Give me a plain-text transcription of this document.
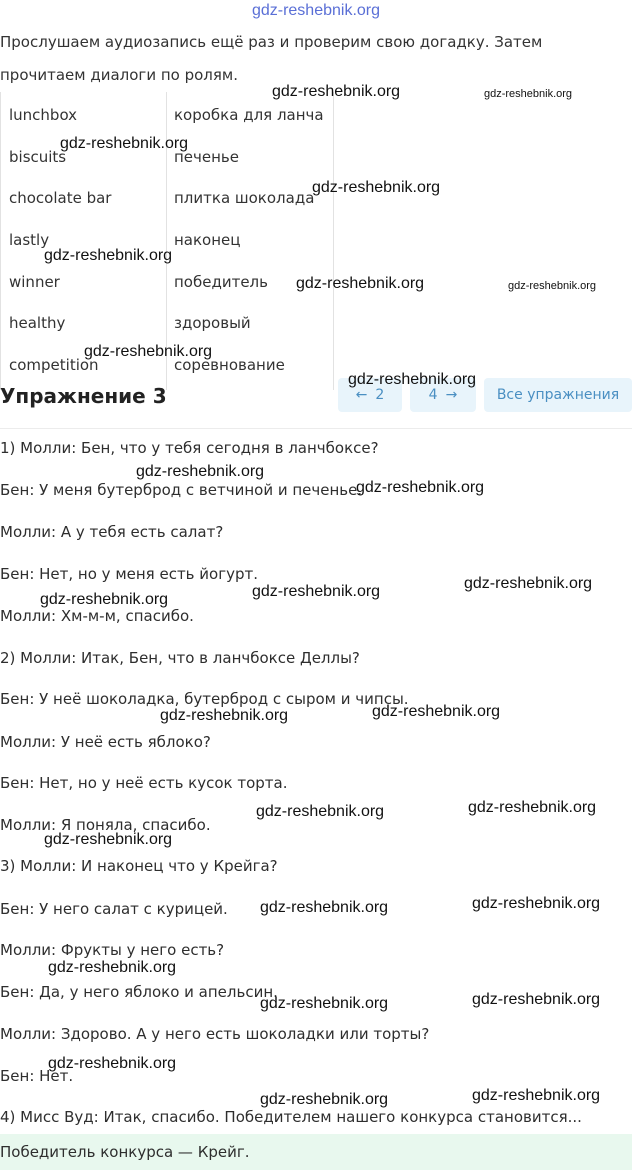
gdz-reshebnik.org
Прослушаем аудиозапись ещё раз и проверим свою догадку. Затем
прочитаем диалоги по ролям.
lunchbox	коробка для ланча
biscuits	печенье
chocolate bar	плитка шоколада
lastly	наконец
winner	победитель
healthy	здоровый
competition	соревнование
Упражнение 3	← 2	4 →	Все упражнения
1) Молли: Бен, что у тебя сегодня в ланчбоксе?
Бен: У меня бутерброд с ветчиной и печенье.
Молли: А у тебя есть салат?
Бен: Нет, но у меня есть йогурт.
Молли: Хм-м-м, спасибо.
2) Молли: Итак, Бен, что в ланчбоксе Деллы?
Бен: У неё шоколадка, бутерброд с сыром и чипсы.
Молли: У неё есть яблоко?
Бен: Нет, но у неё есть кусок торта.
Молли: Я поняла, спасибо.
3) Молли: И наконец что у Крейга?
Бен: У него салат с курицей.
Молли: Фрукты у него есть?
Бен: Да, у него яблоко и апельсин.
Молли: Здорово. А у него есть шоколадки или торты?
Бен: Нет.
4) Мисс Вуд: Итак, спасибо. Победителем нашего конкурса становится...
Победитель конкурса — Крейг.
gdz-reshebnik.org	gdz-reshebnik.org
gdz-reshebnik.org
gdz-reshebnik.org
gdz-reshebnik.org
gdz-reshebnik.org	gdz-reshebnik.org
gdz-reshebnik.org
gdz-reshebnik.org
gdz-reshebnik.org
gdz-reshebnik.org
gdz-reshebnik.org
gdz-reshebnik.org
gdz-reshebnik.org
gdz-reshebnik.org
gdz-reshebnik.org
gdz-reshebnik.org
gdz-reshebnik.org
gdz-reshebnik.org
gdz-reshebnik.org
gdz-reshebnik.org
gdz-reshebnik.org
gdz-reshebnik.org
gdz-reshebnik.org
gdz-reshebnik.org
gdz-reshebnik.org
gdz-reshebnik.org
